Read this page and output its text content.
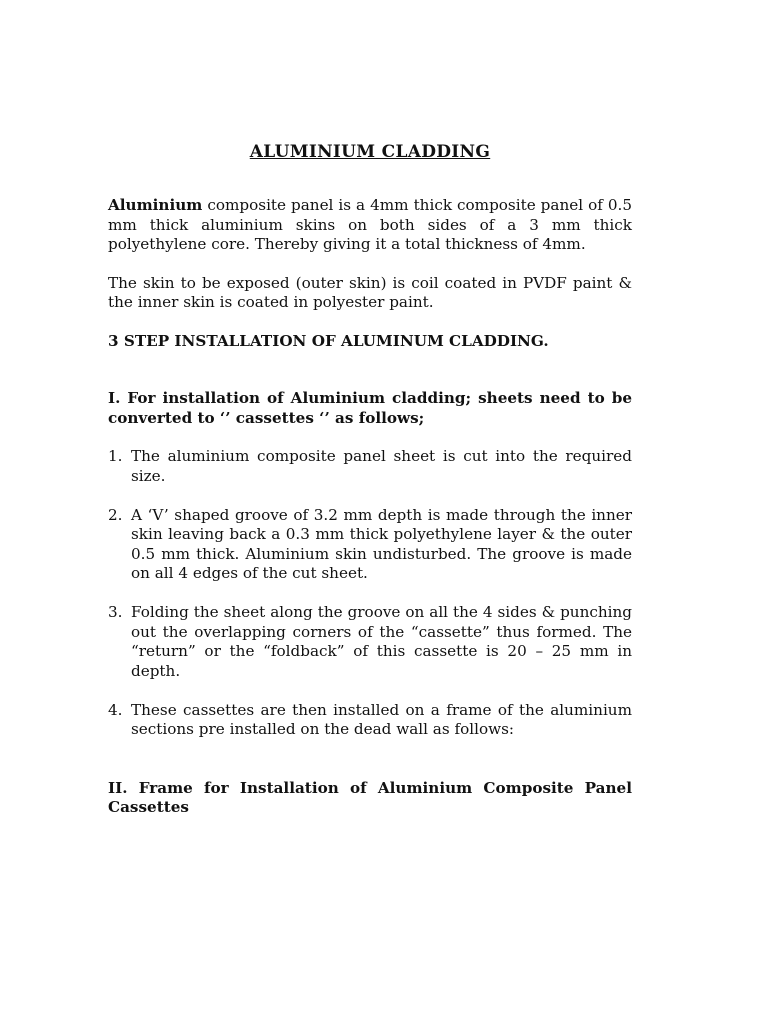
ALUMINIUM CLADDING

Aluminium composite panel is a 4mm thick composite panel of 0.5 mm thick aluminium skins on both sides of a 3 mm thick polyethylene core. Thereby giving it a total thickness of 4mm.

The skin to be exposed (outer skin) is coil coated in PVDF paint & the inner skin is coated in polyester paint.

3 STEP INSTALLATION OF ALUMINUM CLADDING.

I. For installation of Aluminium cladding; sheets need to be converted to ‘’ cassettes ‘’ as follows;

1. The aluminium composite panel sheet is cut into the required size.
2. A ‘V’ shaped groove of 3.2 mm depth is made through the inner skin leaving back a 0.3 mm thick polyethylene layer & the outer 0.5 mm thick. Aluminium skin undisturbed. The groove is made on all 4 edges of the cut sheet.
3. Folding the sheet along the groove on all the 4 sides & punching out the overlapping corners of the “cassette” thus formed. The “return” or the “foldback” of this cassette is 20 – 25 mm in depth.
4. These cassettes are then installed on a frame of the aluminium sections pre installed on the dead wall as follows:

II. Frame for Installation of Aluminium Composite Panel Cassettes
